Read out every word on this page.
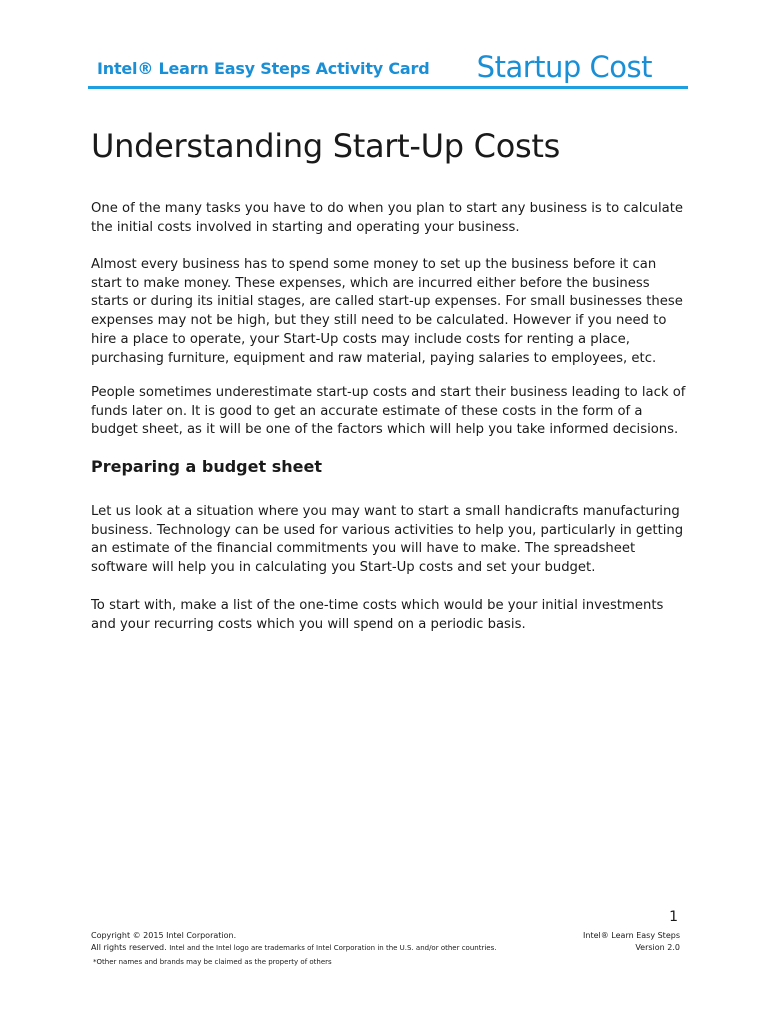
Intel® Learn Easy Steps Activity Card Startup Cost
Understanding Start-Up Costs

One of the many tasks you have to do when you plan to start any business is to calculate the initial costs involved in starting and operating your business.

Almost every business has to spend some money to set up the business before it can start to make money. These expenses, which are incurred either before the business starts or during its initial stages, are called start-up expenses. For small businesses these expenses may not be high, but they still need to be calculated. However if you need to hire a place to operate, your Start-Up costs may include costs for renting a place, purchasing furniture, equipment and raw material, paying salaries to employees, etc.

People sometimes underestimate start-up costs and start their business leading to lack of funds later on. It is good to get an accurate estimate of these costs in the form of a budget sheet, as it will be one of the factors which will help you take informed decisions.

Preparing a budget sheet

Let us look at a situation where you may want to start a small handicrafts manufacturing business. Technology can be used for various activities to help you, particularly in getting an estimate of the financial commitments you will have to make. The spreadsheet software will help you in calculating you Start-Up costs and set your budget.

To start with, make a list of the one-time costs which would be your initial investments and your recurring costs which you will spend on a periodic basis.

1
Copyright © 2015 Intel Corporation.
All rights reserved. Intel and the Intel logo are trademarks of Intel Corporation in the U.S. and/or other countries.
*Other names and brands may be claimed as the property of others
Intel® Learn Easy Steps
Version 2.0
